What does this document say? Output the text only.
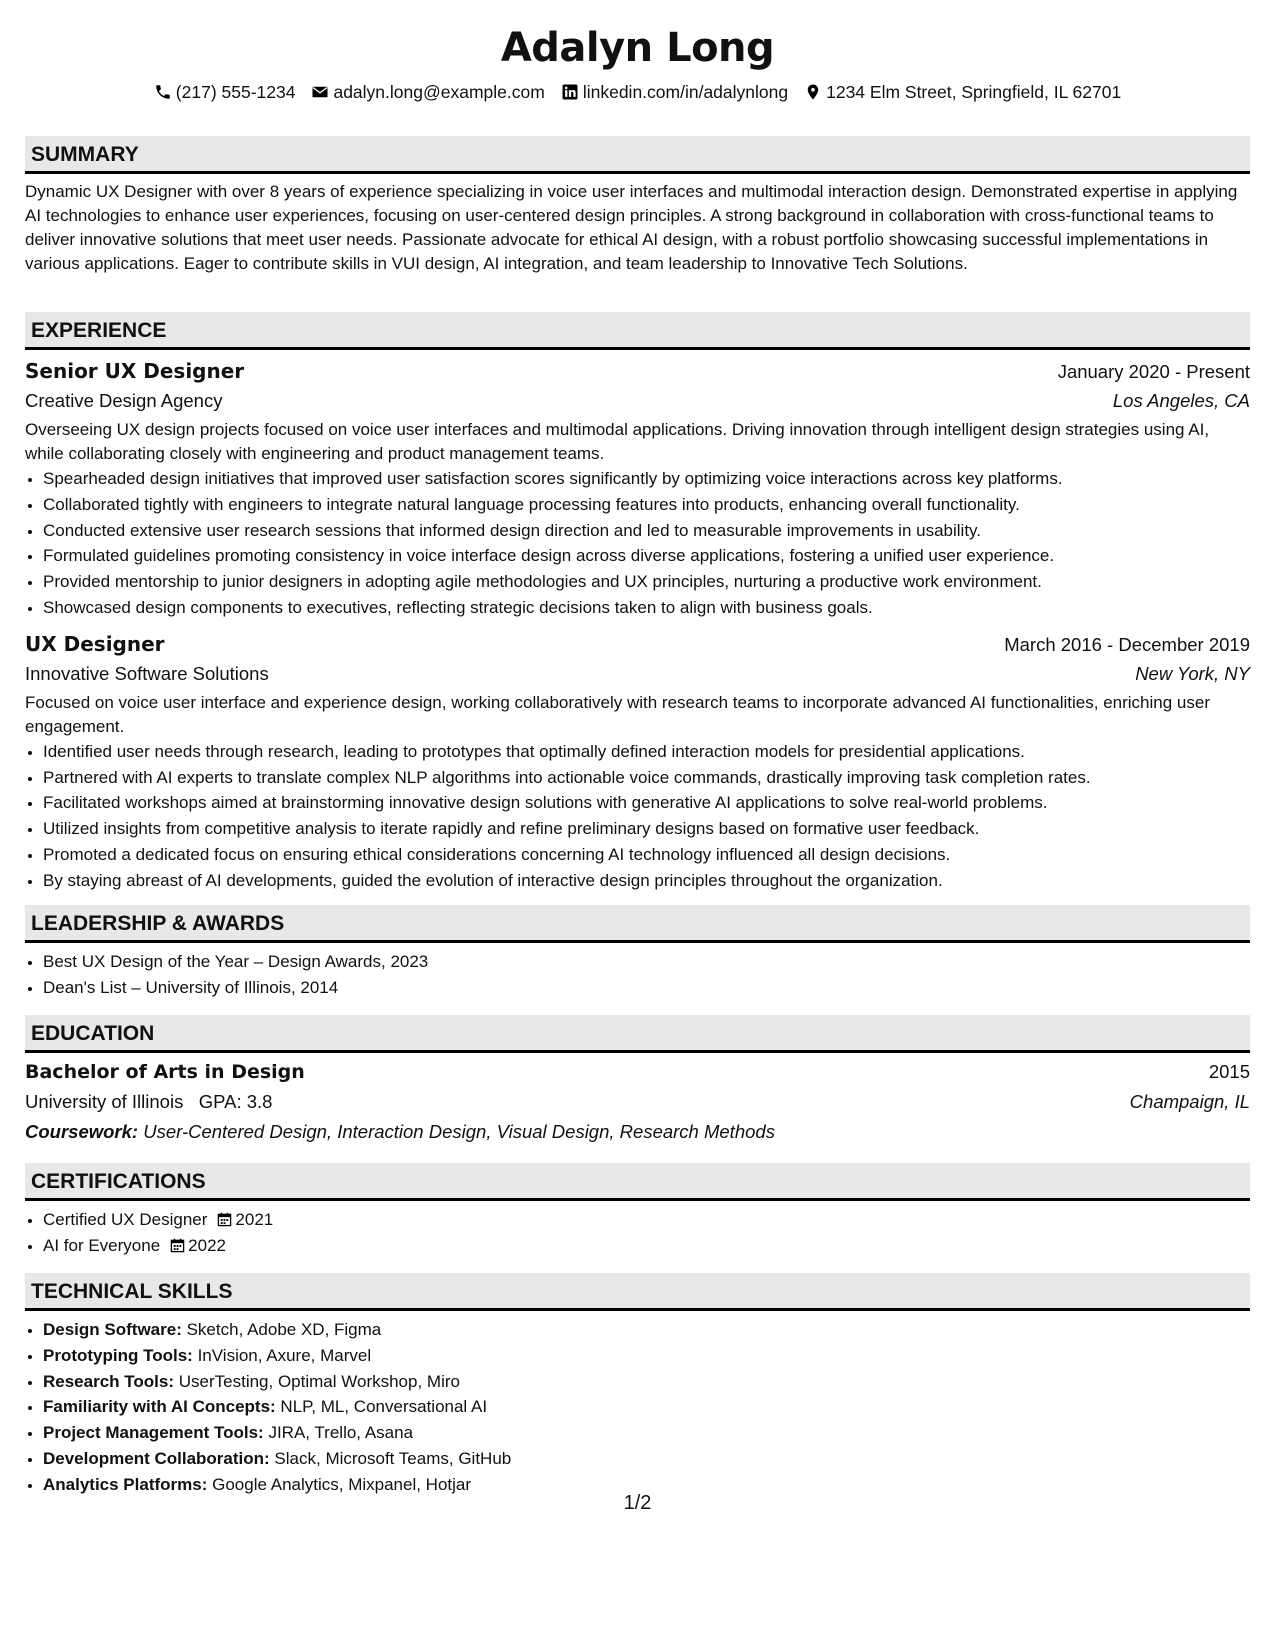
Adalyn Long
(217) 555-1234 adalyn.long@example.com linkedin.com/in/adalynlong 1234 Elm Street, Springfield, IL 62701
SUMMARY

Dynamic UX Designer with over 8 years of experience specializing in voice user interfaces and multimodal interaction design. Demonstrated expertise in applying AI technologies to enhance user experiences, focusing on user-centered design principles. A strong background in collaboration with cross-functional teams to deliver innovative solutions that meet user needs. Passionate advocate for ethical AI design, with a robust portfolio showcasing successful implementations in various applications. Eager to contribute skills in VUI design, AI integration, and team leadership to Innovative Tech Solutions.

EXPERIENCE
Senior UX Designer	January 2020 - Present
Creative Design Agency	Los Angeles, CA

Overseeing UX design projects focused on voice user interfaces and multimodal applications. Driving innovation through intelligent design strategies using AI, while collaborating closely with engineering and product management teams.

• Spearheaded design initiatives that improved user satisfaction scores significantly by optimizing voice interactions across key platforms.
• Collaborated tightly with engineers to integrate natural language processing features into products, enhancing overall functionality.
• Conducted extensive user research sessions that informed design direction and led to measurable improvements in usability.
• Formulated guidelines promoting consistency in voice interface design across diverse applications, fostering a unified user experience.
• Provided mentorship to junior designers in adopting agile methodologies and UX principles, nurturing a productive work environment.
• Showcased design components to executives, reflecting strategic decisions taken to align with business goals.
UX Designer	March 2016 - December 2019
Innovative Software Solutions	New York, NY

Focused on voice user interface and experience design, working collaboratively with research teams to incorporate advanced AI functionalities, enriching user engagement.

• Identified user needs through research, leading to prototypes that optimally defined interaction models for presidential applications.
• Partnered with AI experts to translate complex NLP algorithms into actionable voice commands, drastically improving task completion rates.
• Facilitated workshops aimed at brainstorming innovative design solutions with generative AI applications to solve real-world problems.
• Utilized insights from competitive analysis to iterate rapidly and refine preliminary designs based on formative user feedback.
• Promoted a dedicated focus on ensuring ethical considerations concerning AI technology influenced all design decisions.
• By staying abreast of AI developments, guided the evolution of interactive design principles throughout the organization.
LEADERSHIP & AWARDS
• Best UX Design of the Year – Design Awards, 2023
• Dean's List – University of Illinois, 2014
EDUCATION
Bachelor of Arts in Design	2015
University of Illinois GPA: 3.8	Champaign, IL
Coursework: User-Centered Design, Interaction Design, Visual Design, Research Methods
CERTIFICATIONS
• Certified UX Designer 2021
• AI for Everyone 2022
TECHNICAL SKILLS
• Design Software: Sketch, Adobe XD, Figma
• Prototyping Tools: InVision, Axure, Marvel
• Research Tools: UserTesting, Optimal Workshop, Miro
• Familiarity with AI Concepts: NLP, ML, Conversational AI
• Project Management Tools: JIRA, Trello, Asana
• Development Collaboration: Slack, Microsoft Teams, GitHub
• Analytics Platforms: Google Analytics, Mixpanel, Hotjar
1/2
